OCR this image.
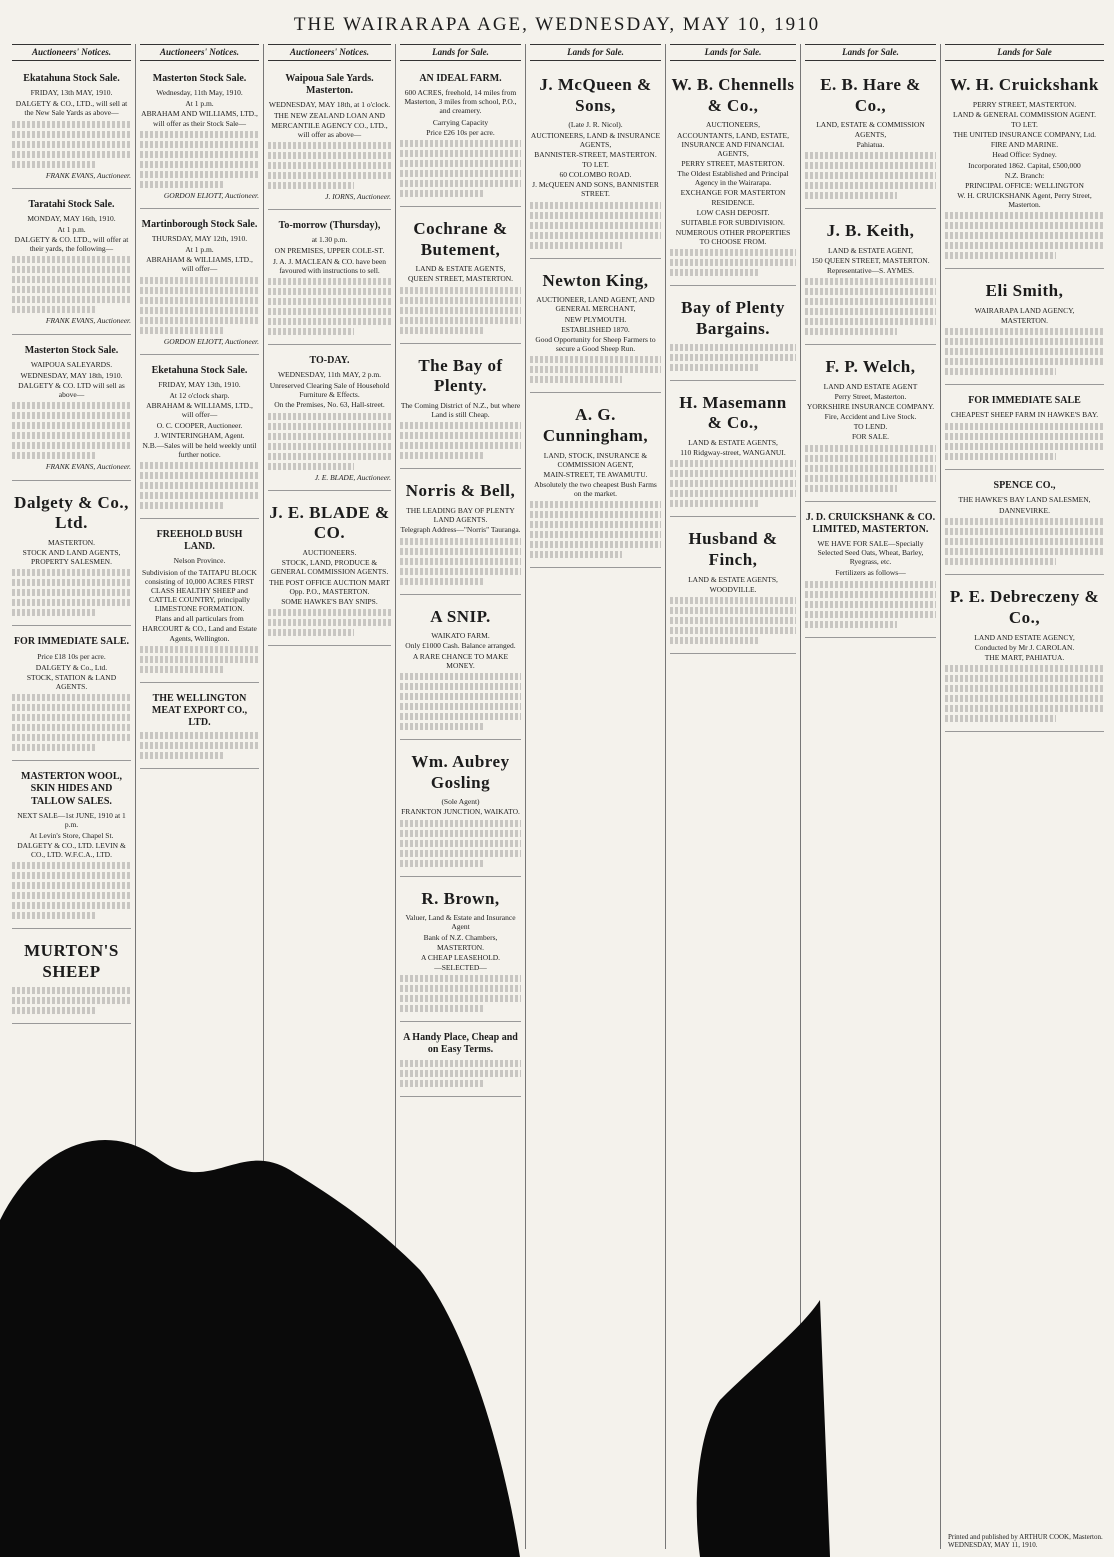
THE WAIRARAPA AGE, WEDNESDAY, MAY 10, 1910
Auctioneers' Notices.
Ekatahuna Stock Sale.
FRIDAY, 13th MAY, 1910.
DALGETY & CO., LTD., will sell at the New Sale Yards as above—
FRANK EVANS, Auctioneer.
Taratahi Stock Sale.
MONDAY, MAY 16th, 1910.
At 1 p.m.
DALGETY & CO. LTD., will offer at their yards, the following—
FRANK EVANS, Auctioneer.
Masterton Stock Sale.
WAIPOUA SALEYARDS.
WEDNESDAY, MAY 18th, 1910.
DALGETY & CO. LTD will sell as above—
FRANK EVANS, Auctioneer.
Dalgety & Co., Ltd.
MASTERTON.
STOCK AND LAND AGENTS, PROPERTY SALESMEN.
FOR IMMEDIATE SALE.
Price £18 10s per acre.
DALGETY & Co., Ltd.
STOCK, STATION & LAND AGENTS.
MASTERTON WOOL, SKIN HIDES AND TALLOW SALES.
NEXT SALE—1st JUNE, 1910 at 1 p.m.
At Levin's Store, Chapel St.
DALGETY & CO., LTD. LEVIN & CO., LTD. W.F.C.A., LTD.
MURTON'S SHEEP
Auctioneers' Notices.
Masterton Stock Sale.
Wednesday, 11th May, 1910.
At 1 p.m.
ABRAHAM AND WILLIAMS, LTD., will offer as their Stock Sale—
GORDON ELIOTT, Auctioneer.
Martinborough Stock Sale.
THURSDAY, MAY 12th, 1910.
At 1 p.m.
ABRAHAM & WILLIAMS, LTD., will offer—
GORDON ELIOTT, Auctioneer.
Eketahuna Stock Sale.
FRIDAY, MAY 13th, 1910.
At 12 o'clock sharp.
ABRAHAM & WILLIAMS, LTD., will offer—
O. C. COOPER, Auctioneer.
J. WINTERINGHAM, Agent.
N.B.—Sales will be held weekly until further notice.
FREEHOLD BUSH LAND.
Nelson Province.
Subdivision of the TAITAPU BLOCK consisting of 10,000 ACRES FIRST CLASS HEALTHY SHEEP and CATTLE COUNTRY, principally LIMESTONE FORMATION.
Plans and all particulars from
HARCOURT & CO., Land and Estate Agents, Wellington.
THE WELLINGTON MEAT EXPORT CO., LTD.
Auctioneers' Notices.
Waipoua Sale Yards. Masterton.
WEDNESDAY, MAY 18th, at 1 o'clock.
THE NEW ZEALAND LOAN AND MERCANTILE AGENCY CO., LTD., will offer as above—
J. IORNS, Auctioneer.
To-morrow (Thursday),
at 1.30 p.m.
ON PREMISES, UPPER COLE-ST.
J. A. J. MACLEAN & CO. have been favoured with instructions to sell.
TO-DAY.
WEDNESDAY, 11th MAY, 2 p.m.
Unreserved Clearing Sale of Household Furniture & Effects.
On the Premises, No. 63, Hall-street.
J. E. BLADE, Auctioneer.
J. E. BLADE & CO.
AUCTIONEERS.
STOCK, LAND, PRODUCE & GENERAL COMMISSION AGENTS.
THE POST OFFICE AUCTION MART Opp. P.O., MASTERTON.
SOME HAWKE'S BAY SNIPS.
Lands for Sale.
AN IDEAL FARM.
600 ACRES, freehold, 14 miles from Masterton, 3 miles from school, P.O., and creamery.
Carrying Capacity
Price £26 10s per acre.
Cochrane & Butement,
LAND & ESTATE AGENTS,
QUEEN STREET, MASTERTON.
The Bay of Plenty.
The Coming District of N.Z., but where Land is still Cheap.
Norris & Bell,
THE LEADING BAY OF PLENTY LAND AGENTS.
Telegraph Address—"Norris" Tauranga.
A SNIP.
WAIKATO FARM.
Only £1000 Cash. Balance arranged.
A RARE CHANCE TO MAKE MONEY.
Wm. Aubrey Gosling
(Sole Agent)
FRANKTON JUNCTION, WAIKATO.
R. Brown,
Valuer, Land & Estate and Insurance Agent
Bank of N.Z. Chambers,
MASTERTON.
A CHEAP LEASEHOLD.
—SELECTED—
A Handy Place, Cheap and on Easy Terms.
Lands for Sale.
J. McQueen & Sons,
(Late J. R. Nicol).
AUCTIONEERS, LAND & INSURANCE AGENTS,
BANNISTER-STREET, MASTERTON.
TO LET.
60 COLOMBO ROAD.
J. McQUEEN AND SONS, BANNISTER STREET.
Newton King,
AUCTIONEER, LAND AGENT, AND GENERAL MERCHANT,
NEW PLYMOUTH.
ESTABLISHED 1870.
Good Opportunity for Sheep Farmers to secure a Good Sheep Run.
A. G. Cunningham,
LAND, STOCK, INSURANCE & COMMISSION AGENT,
MAIN-STREET, TE AWAMUTU.
Absolutely the two cheapest Bush Farms on the market.
Lands for Sale.
W. B. Chennells & Co.,
AUCTIONEERS,
ACCOUNTANTS, LAND, ESTATE, INSURANCE AND FINANCIAL AGENTS,
PERRY STREET, MASTERTON.
The Oldest Established and Principal Agency in the Wairarapa.
EXCHANGE FOR MASTERTON RESIDENCE.
LOW CASH DEPOSIT.
SUITABLE FOR SUBDIVISION.
NUMEROUS OTHER PROPERTIES TO CHOOSE FROM.
Bay of Plenty Bargains.
H. Masemann & Co.,
LAND & ESTATE AGENTS,
110 Ridgway-street, WANGANUI.
Husband & Finch,
LAND & ESTATE AGENTS,
WOODVILLE.
Lands for Sale.
E. B. Hare & Co.,
LAND, ESTATE & COMMISSION AGENTS,
Pahiatua.
J. B. Keith,
LAND & ESTATE AGENT,
150 QUEEN STREET, MASTERTON.
Representative—S. AYMES.
F. P. Welch,
LAND AND ESTATE AGENT
Perry Street, Masterton.
YORKSHIRE INSURANCE COMPANY.
Fire, Accident and Live Stock.
TO LEND.
FOR SALE.
J. D. CRUICKSHANK & CO. LIMITED, MASTERTON.
WE HAVE FOR SALE—Specially Selected Seed Oats, Wheat, Barley, Ryegrass, etc.
Fertilizers as follows—
Lands for Sale
W. H. Cruickshank
PERRY STREET, MASTERTON.
LAND & GENERAL COMMISSION AGENT.
TO LET.
THE UNITED INSURANCE COMPANY, Ltd.
FIRE AND MARINE.
Head Office: Sydney.
Incorporated 1862. Capital, £500,000
N.Z. Branch:
PRINCIPAL OFFICE: WELLINGTON
W. H. CRUICKSHANK Agent, Perry Street, Masterton.
Eli Smith,
WAIRARAPA LAND AGENCY,
MASTERTON.
FOR IMMEDIATE SALE
CHEAPEST SHEEP FARM IN HAWKE'S BAY.
SPENCE CO.,
THE HAWKE'S BAY LAND SALESMEN,
DANNEVIRKE.
P. E. Debreczeny & Co.,
LAND AND ESTATE AGENCY,
Conducted by Mr J. CAROLAN.
THE MART, PAHIATUA.
Printed and published by ARTHUR COOK, Masterton.
WEDNESDAY, MAY 11, 1910.
